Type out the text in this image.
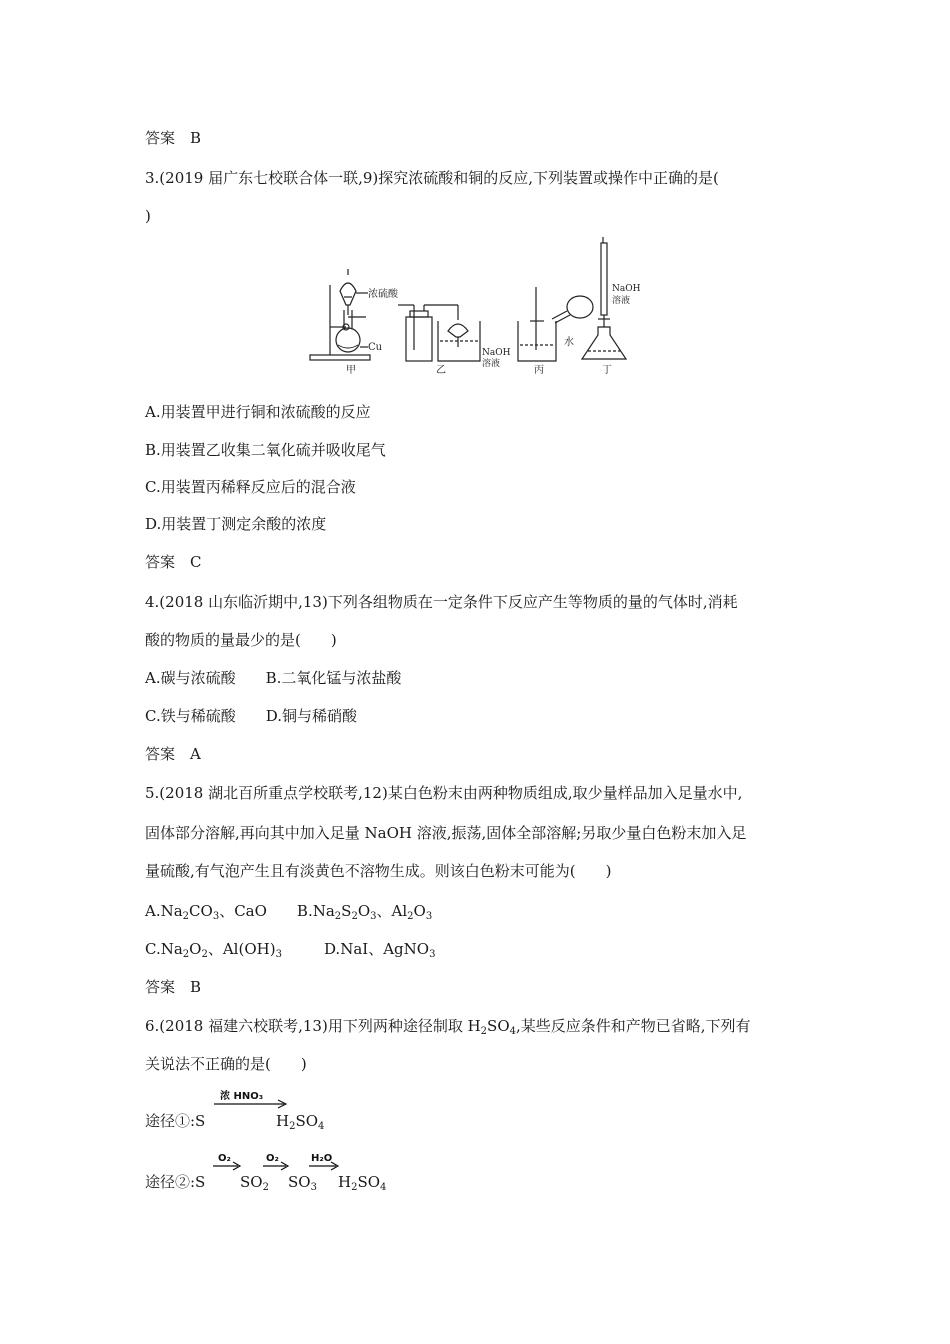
答案　B
3.(2019 届广东七校联合体一联,9)探究浓硫酸和铜的反应,下列装置或操作中正确的是(
)
浓硫酸
Cu	NaOH
溶液
水
NaOH
溶液
甲	乙	丙	丁
A.用装置甲进行铜和浓硫酸的反应
B.用装置乙收集二氧化硫并吸收尾气
C.用装置丙稀释反应后的混合液
D.用装置丁测定余酸的浓度
答案　C
4.(2018 山东临沂期中,13)下列各组物质在一定条件下反应产生等物质的量的气体时,消耗
酸的物质的量最少的是(　　)
A.碳与浓硫酸 B.二氧化锰与浓盐酸
C.铁与稀硫酸 D.铜与稀硝酸
答案　A
5.(2018 湖北百所重点学校联考,12)某白色粉末由两种物质组成,取少量样品加入足量水中,
固体部分溶解,再向其中加入足量 NaOH 溶液,振荡,固体全部溶解;另取少量白色粉末加入足
量硫酸,有气泡产生且有淡黄色不溶物生成。则该白色粉末可能为(　　)
$A.Na_2CO_3$、CaO $B.Na_2S_2O_3$、$Al_2O_3$
$C.Na_2O_2$、$Al(OH)_3$	D.NaI、AgNO$_3$
答案　B
6.(2018 福建六校联考,13)用下列两种途径制取 $H_2SO_4$,某些反应条件和产物已省略,下列有
关说法不正确的是(　　)
途径①:S
浓 HNO₃
$H_2SO_4$
途径②:S
O₂
$SO_2$
O₂
$SO_3$
H₂O
$H_2SO_4$
